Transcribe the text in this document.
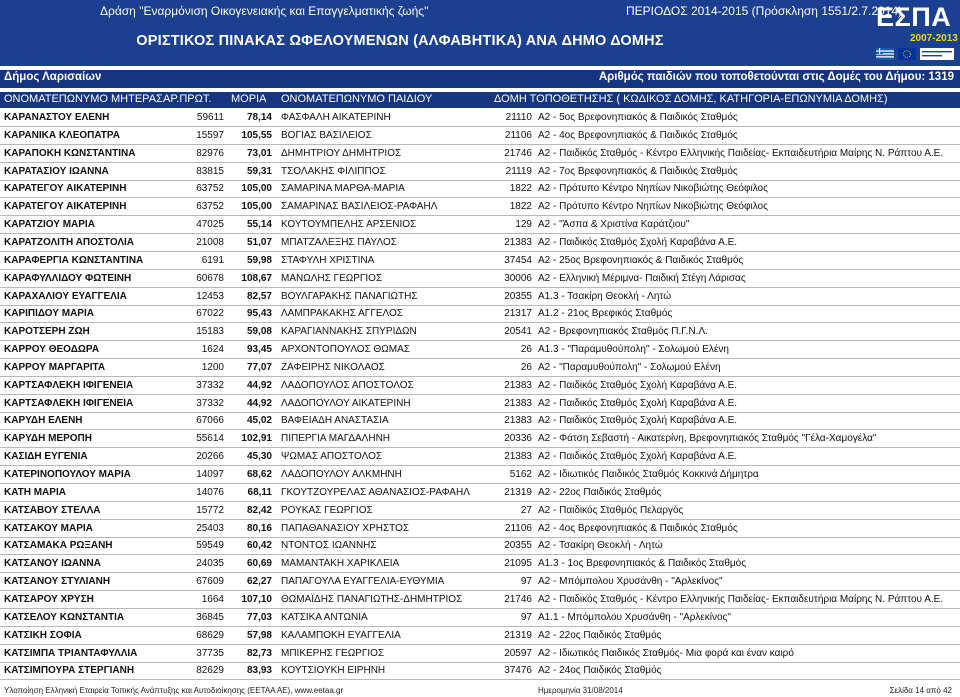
Δράση "Εναρμόνιση Οικογενειακής και Επαγγελματικής ζωής"	ΠΕΡΙΟΔΟΣ 2014-2015 (Πρόσκληση 1551/2.7.2014)
ΟΡΙΣΤΙΚΟΣ ΠΙΝΑΚΑΣ ΩΦΕΛΟΥΜΕΝΩΝ (ΑΛΦΑΒΗΤΙΚΑ) ΑΝΑ ΔΗΜΟ ΔΟΜΗΣ
ΕΣΠΑ
2007-2013
Δήμος Λαρισαίων	Αριθμός παιδιών που τοποθετούνται στις Δομές του Δήμου: 1319
ΟΝΟΜΑΤΕΠΩΝΥΜΟ ΜΗΤΕΡΑΣ ΑΡ.ΠΡΩΤ. ΜΟΡΙΑ ΟΝΟΜΑΤΕΠΩΝΥΜΟ ΠΑΙΔΙΟΥ	ΔΟΜΗ ΤΟΠΟΘΕΤΗΣΗΣ ( ΚΩΔΙΚΟΣ ΔΟΜΗΣ, ΚΑΤΗΓΟΡΙΑ-ΕΠΩΝΥΜΙΑ ΔΟΜΗΣ)
ΚΑΡΑΝΑΣΤΟΥ ΕΛΕΝΗ	59611	78,14 ΦΑΣΦΑΛΗ ΑΙΚΑΤΕΡΙΝΗ	21110 Α2 - 5ος Βρεφονηπιακός & Παιδικός Σταθμός
ΚΑΡΑΝΙΚΑ ΚΛΕΟΠΑΤΡΑ	15597	105,55 ΒΟΓΙΑΣ ΒΑΣΙΛΕΙΟΣ	21106 Α2 - 4ος Βρεφονηπιακός & Παιδικός Σταθμός
ΚΑΡΑΠΟΚΗ ΚΩΝΣΤΑΝΤΙΝΑ	82976	73,01 ΔΗΜΗΤΡΙΟΥ ΔΗΜΗΤΡΙΟΣ	21746 Α2 - Παιδικός Σταθμός - Κέντρο Ελληνικής Παιδείας- Εκπαιδευτήρια Μαίρης Ν. Ράπτου Α.Ε.
ΚΑΡΑΤΑΣΙΟΥ ΙΩΑΝΝΑ	83815	59,31 ΤΣΟΛΑΚΗΣ ΦΙΛΙΠΠΟΣ	21119 Α2 - 7ος Βρεφονηπιακός & Παιδικός Σταθμός
ΚΑΡΑΤΕΓΟΥ ΑΙΚΑΤΕΡΙΝΗ	63752	105,00 ΣΑΜΑΡΙΝΑ ΜΑΡΘΑ-ΜΑΡΙΑ	1822 Α2 - Πρότυπο Κέντρο Νηπίων Νικοβιώτης Θεόφιλος
ΚΑΡΑΤΕΓΟΥ ΑΙΚΑΤΕΡΙΝΗ	63752	105,00 ΣΑΜΑΡΙΝΑΣ ΒΑΣΙΛΕΙΟΣ-ΡΑΦΑΗΛ	1822 Α2 - Πρότυπο Κέντρο Νηπίων Νικοβιώτης Θεόφιλος
ΚΑΡΑΤΖΙΟΥ ΜΑΡΙΑ	47025	55,14 ΚΟΥΤΟΥΜΠΕΛΗΣ ΑΡΣΕΝΙΟΣ	129 Α2 - "Άσπα & Χριστίνα Καράτζιου"
ΚΑΡΑΤΖΟΛΙΤΗ ΑΠΟΣΤΟΛΙΑ	21008	51,07 ΜΠΑΤΖΑΛΕΞΗΣ ΠΑΥΛΟΣ	21383 Α2 - Παιδικός Σταθμός Σχολή Καραβάνα Α.Ε.
ΚΑΡΑΦΕΡΓΙΑ ΚΩΝΣΤΑΝΤΙΝΑ	6191	59,98 ΣΤΑΦΥΛΗ ΧΡΙΣΤΙΝΑ	37454 Α2 - 25ος Βρεφονηπιακός & Παιδικός Σταθμός
ΚΑΡΑΦΥΛΛΙΔΟΥ ΦΩΤΕΙΝΗ	60678	108,67 ΜΑΝΩΛΗΣ ΓΕΩΡΓΙΟΣ	30006 Α2 - Ελληνική Μέριμνα- Παιδική Στέγη Λάρισας
ΚΑΡΑΧΑΛΙΟΥ ΕΥΑΓΓΕΛΙΑ	12453	82,57 ΒΟΥΛΓΑΡΑΚΗΣ ΠΑΝΑΓΙΩΤΗΣ	20355 Α1.3 - Τσακίρη Θεοκλή - Λητώ
ΚΑΡΙΠΙΔΟΥ ΜΑΡΙΑ	67022	95,43 ΛΑΜΠΡΑΚΑΚΗΣ ΑΓΓΕΛΟΣ	21317 Α1.2 - 21ος Βρεφικός Σταθμός
ΚΑΡΟΤΣΕΡΗ ΖΩΗ	15183	59,08 ΚΑΡΑΓΙΑΝΝΑΚΗΣ ΣΠΥΡΙΔΩΝ	20541 Α2 - Βρεφονηπιακός Σταθμός Π.Γ.Ν.Λ.
ΚΑΡΡΟΥ ΘΕΟΔΩΡΑ	1624	93,45 ΑΡΧΟΝΤΟΠΟΥΛΟΣ ΘΩΜΑΣ	26 Α1.3 - "Παραμυθούπολη" - Σολωμού Ελένη
ΚΑΡΡΟΥ ΜΑΡΓΑΡΙΤΑ	1200	77,07 ΖΑΦΕΙΡΗΣ ΝΙΚΟΛΑΟΣ	26 Α2 - "Παραμυθούπολη" - Σολωμού Ελένη
ΚΑΡΤΣΑΦΛΕΚΗ ΙΦΙΓΕΝΕΙΑ	37332	44,92 ΛΑΔΟΠΟΥΛΟΣ ΑΠΟΣΤΟΛΟΣ	21383 Α2 - Παιδικός Σταθμός Σχολή Καραβάνα Α.Ε.
ΚΑΡΤΣΑΦΛΕΚΗ ΙΦΙΓΕΝΕΙΑ	37332	44,92 ΛΑΔΟΠΟΥΛΟΥ ΑΙΚΑΤΕΡΙΝΗ	21383 Α2 - Παιδικός Σταθμός Σχολή Καραβάνα Α.Ε.
ΚΑΡΥΔΗ ΕΛΕΝΗ	67066	45,02 ΒΑΦΕΙΑΔΗ ΑΝΑΣΤΑΣΙΑ	21383 Α2 - Παιδικός Σταθμός Σχολή Καραβάνα Α.Ε.
ΚΑΡΥΔΗ ΜΕΡΟΠΗ	55614	102,91 ΠΙΠΕΡΓΙΑ ΜΑΓΔΑΛΗΝΗ	20336 Α2 - Φάτση Σεβαστή - Αικατερίνη, Βρεφονηπιακός Σταθμός "Γέλα-Χαμογέλα"
ΚΑΣΙΔΗ ΕΥΓΕΝΙΑ	20266	45,30 ΨΩΜΑΣ ΑΠΟΣΤΟΛΟΣ	21383 Α2 - Παιδικός Σταθμός Σχολή Καραβάνα Α.Ε.
ΚΑΤΕΡΙΝΟΠΟΥΛΟΥ ΜΑΡΙΑ	14097	68,62 ΛΑΔΟΠΟΥΛΟΥ ΑΛΚΜΗΝΗ	5162 Α2 - Ιδιωτικός Παιδικός Σταθμός Κοκκινά Δήμητρα
ΚΑΤΗ ΜΑΡΙΑ	14076	68,11 ΓΚΟΥΤΖΟΥΡΕΛΑΣ ΑΘΑΝΑΣΙΟΣ-ΡΑΦΑΗΛ	21319 Α2 - 22ος Παιδικός Σταθμός
ΚΑΤΣΑΒΟΥ ΣΤΕΛΛΑ	15772	82,42 ΡΟΥΚΑΣ ΓΕΩΡΓΙΟΣ	27 Α2 - Παιδικός Σταθμός Πελαργός
ΚΑΤΣΑΚΟΥ ΜΑΡΙΑ	25403	80,16 ΠΑΠΑΘΑΝΑΣΙΟΥ ΧΡΗΣΤΟΣ	21106 Α2 - 4ος Βρεφονηπιακός & Παιδικός Σταθμός
ΚΑΤΣΑΜΑΚΑ ΡΩΞΑΝΗ	59549	60,42 ΝΤΟΝΤΟΣ ΙΩΑΝΝΗΣ	20355 Α2 - Τσακίρη Θεοκλή - Λητώ
ΚΑΤΣΑΝΟΥ ΙΩΑΝΝΑ	24035	60,69 ΜΑΜΑΝΤΑΚΗ ΧΑΡΙΚΛΕΙΑ	21095 Α1.3 - 1ος Βρεφονηπιακός & Παιδικός Σταθμός
ΚΑΤΣΑΝΟΥ ΣΤΥΛΙΑΝΗ	67609	62,27 ΠΑΠΑΓΟΥΛΑ ΕΥΑΓΓΕΛΙΑ-ΕΥΘΥΜΙΑ	97 Α2 - Μπόμπολου Χρυσάνθη - "Αρλεκίνος"
ΚΑΤΣΑΡΟΥ ΧΡΥΣΗ	1664	107,10 ΘΩΜΑΪΔΗΣ ΠΑΝΑΓΙΩΤΗΣ-ΔΗΜΗΤΡΙΟΣ	21746 Α2 - Παιδικός Σταθμός - Κέντρο Ελληνικής Παιδείας- Εκπαιδευτήρια Μαίρης Ν. Ράπτου Α.Ε.
ΚΑΤΣΕΛΟΥ ΚΩΝΣΤΑΝΤΙΑ	36845	77,03 ΚΑΤΣΙΚΑ ΑΝΤΩΝΙΑ	97 Α1.1 - Μπόμπολου Χρυσάνθη - "Αρλεκίνος"
ΚΑΤΣΙΚΗ ΣΟΦΙΑ	68629	57,98 ΚΑΛΑΜΠΟΚΗ ΕΥΑΓΓΕΛΙΑ	21319 Α2 - 22ος Παιδικός Σταθμός
ΚΑΤΣΙΜΠΑ ΤΡΙΑΝΤΑΦΥΛΛΙΑ	37735	82,73 ΜΠΙΚΕΡΗΣ ΓΕΩΡΓΙΟΣ	20597 Α2 - Ιδιωτικός Παιδικός Σταθμός- Μια φορά και έναν καιρό
ΚΑΤΣΙΜΠΟΥΡΑ ΣΤΕΡΓΙΑΝΗ	82629	83,93 ΚΟΥΤΣΙΟΥΚΗ ΕΙΡΗΝΗ	37476 Α2 - 24ος Παιδικός Σταθμός
Υλοποίηση Ελληνική Εταιρεία Τοπικής Ανάπτυξης και Αυτοδιοίκησης (ΕΕΤΑΑ ΑΕ), www.eetaa.gr	Ημερομηνία 31/08/2014	Σελίδα 14 από 42
